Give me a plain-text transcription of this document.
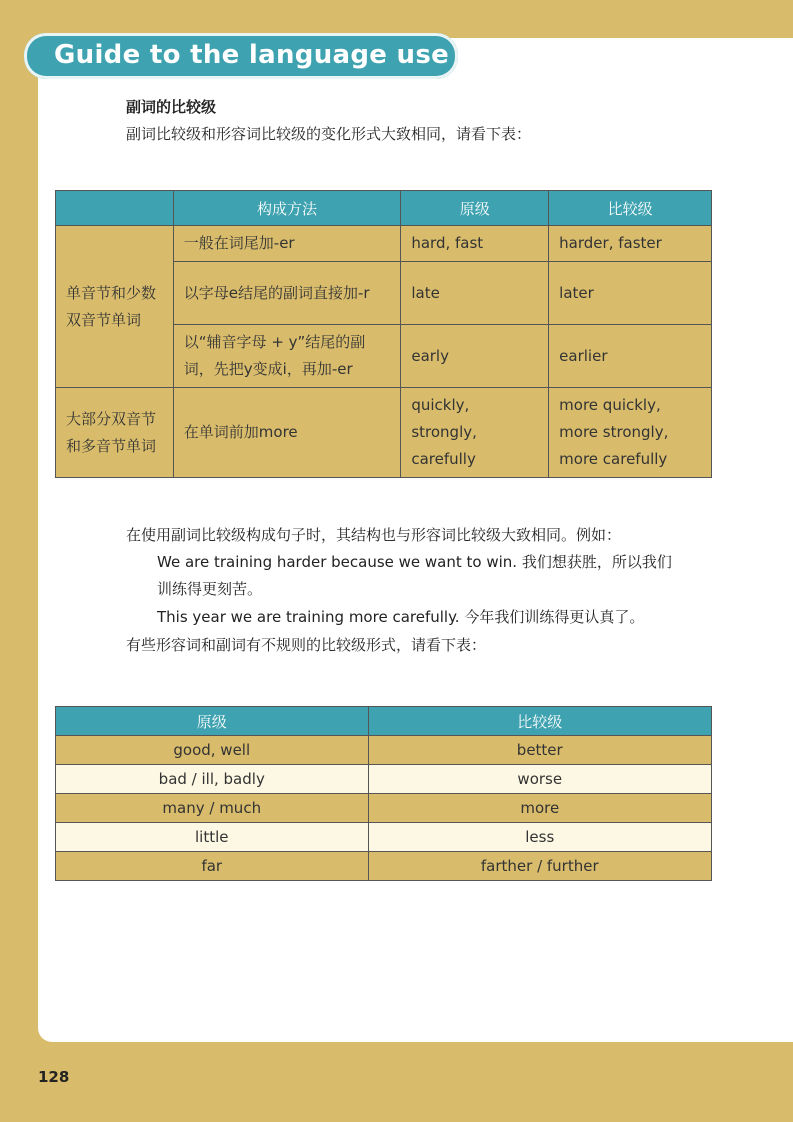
Guide to the language use
副词的比较级
副词比较级和形容词比较级的变化形式大致相同，请看下表：
	构成方法	原级	比较级
单音节和少数双音节单词	一般在词尾加-er	hard, fast	harder, faster
	以字母e结尾的副词直接加-r	late	later
	以“辅音字母 + y”结尾的副词，先把y变成i，再加-er	early	earlier
大部分双音节和多音节单词	在单词前加more	quickly, strongly, carefully	more quickly, more strongly, more carefully
在使用副词比较级构成句子时，其结构也与形容词比较级大致相同。例如：
We are training harder because we want to win. 我们想获胜，所以我们
训练得更刻苦。
This year we are training more carefully. 今年我们训练得更认真了。
有些形容词和副词有不规则的比较级形式，请看下表：
原级	比较级
good, well	better
bad / ill, badly	worse
many / much	more
little	less
far	farther / further
128
